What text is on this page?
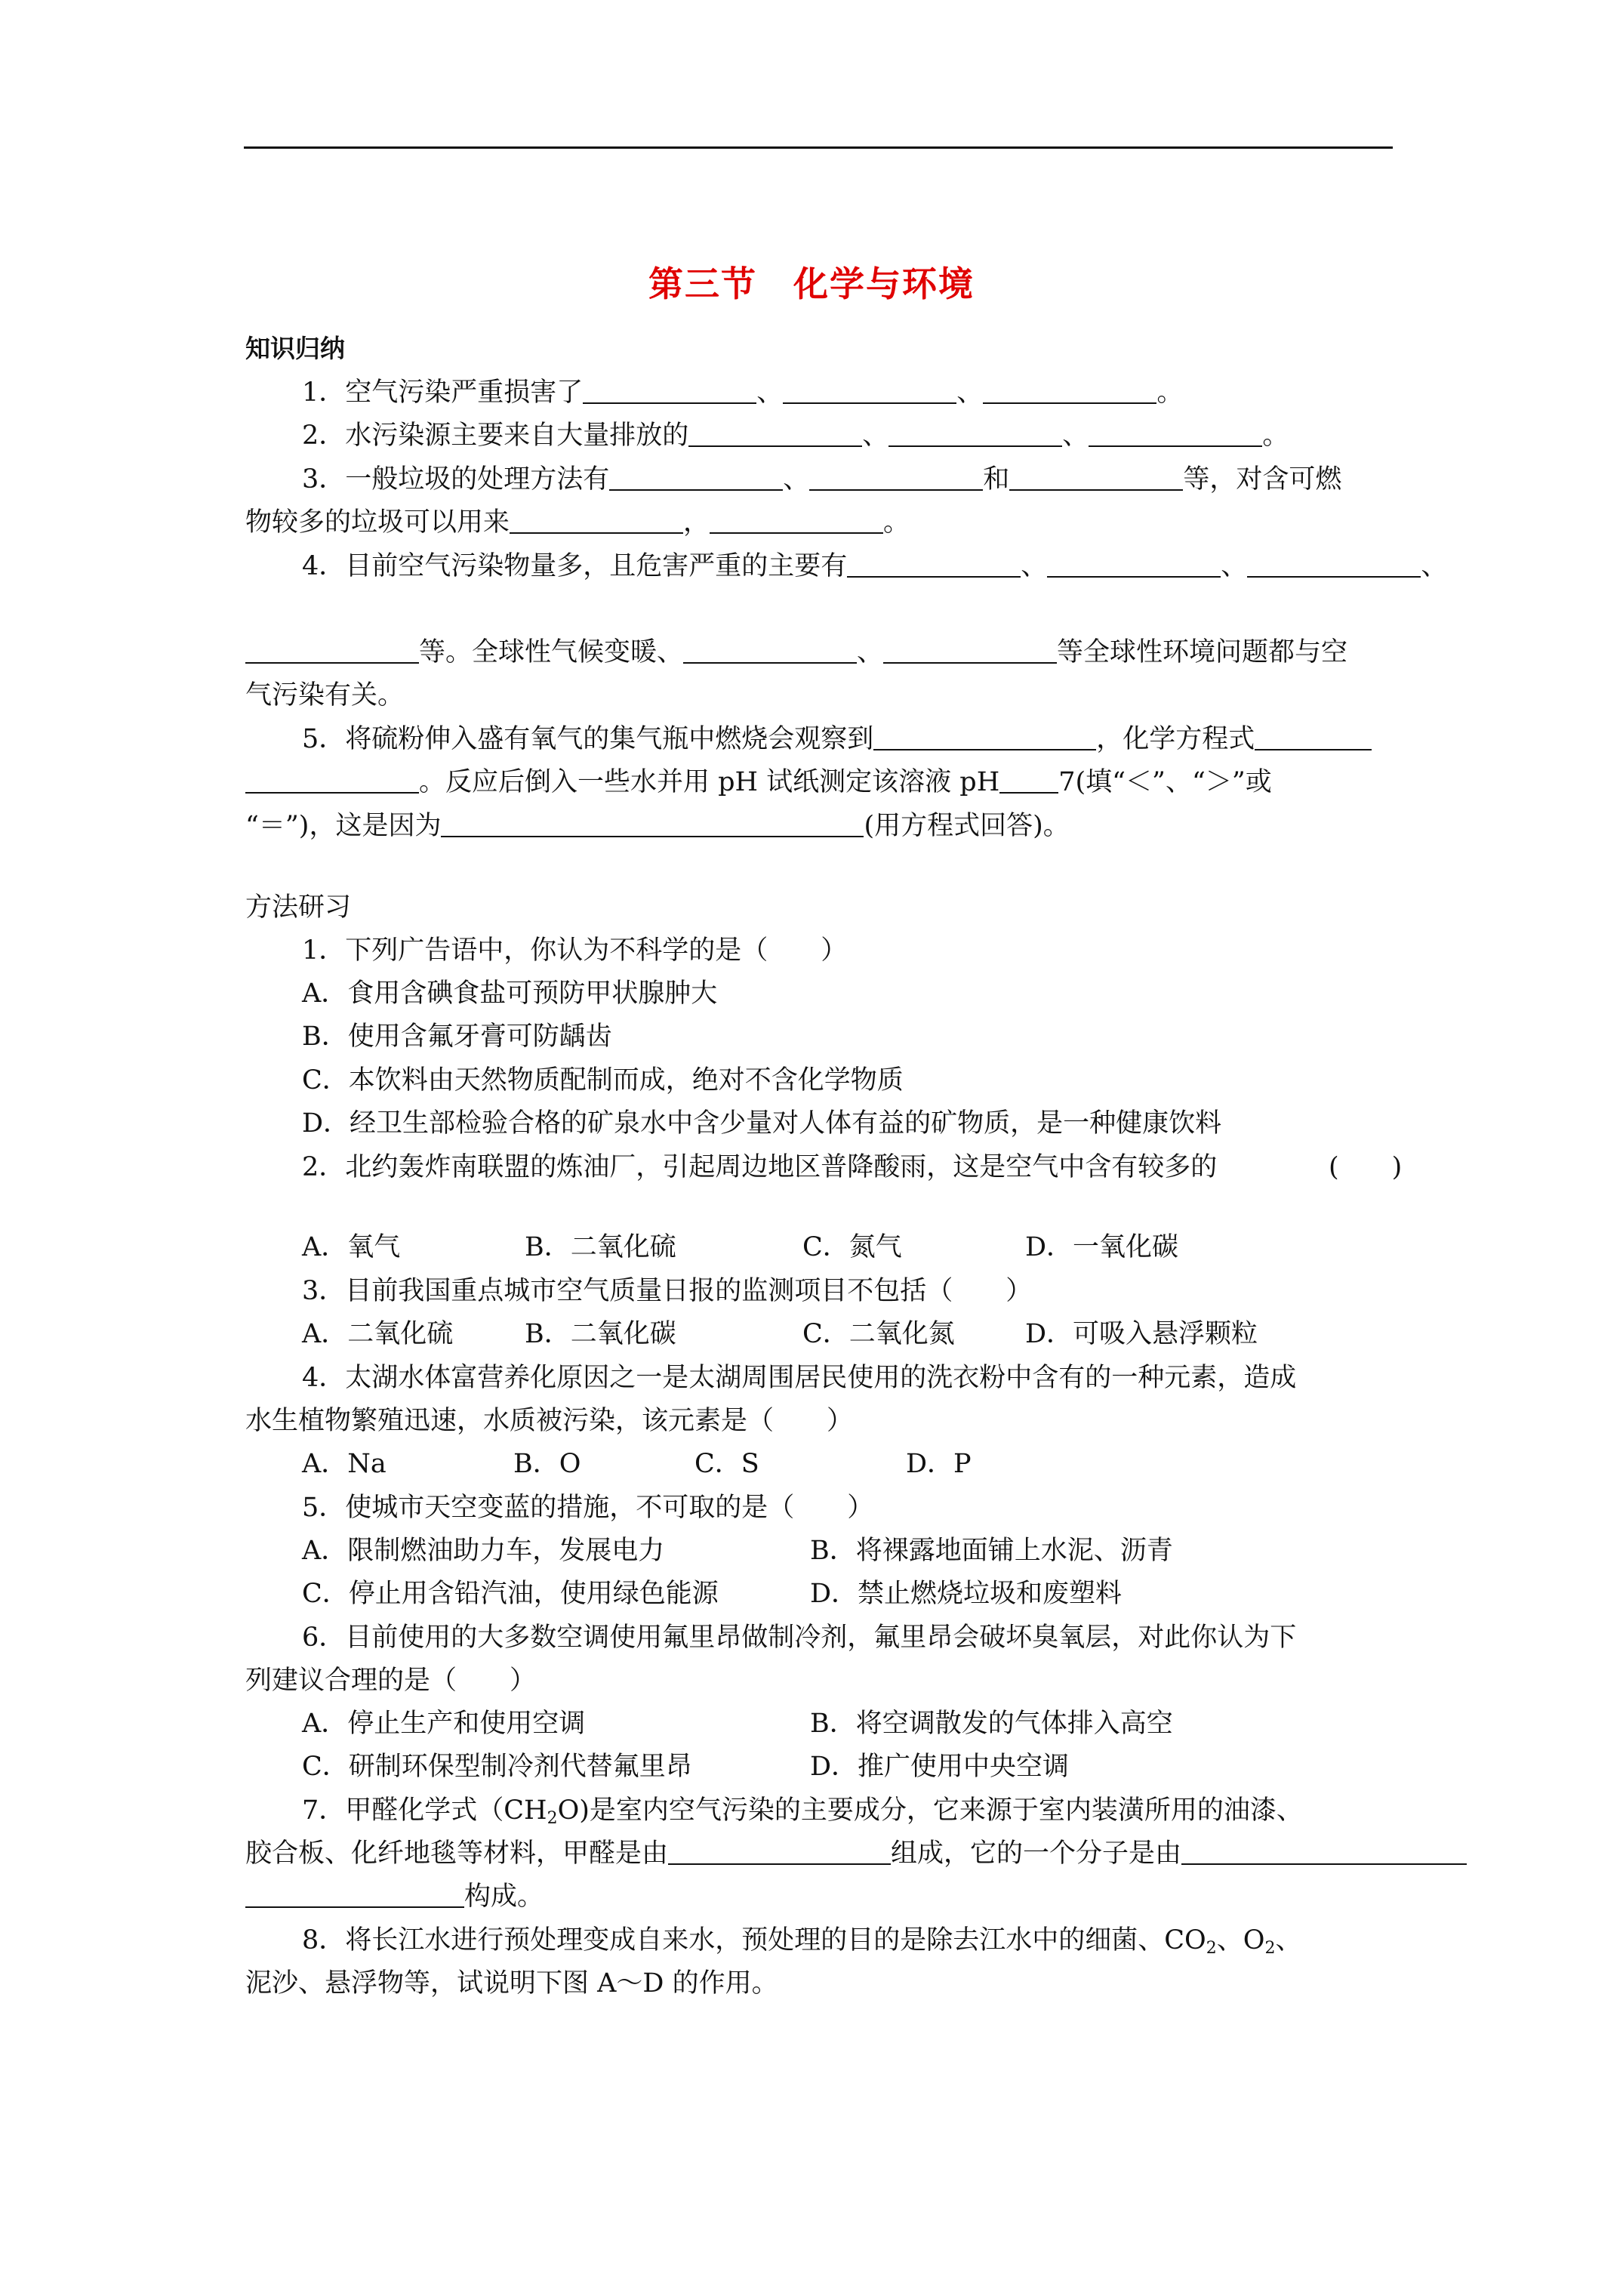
第三节　化学与环境
知识归纳
1．空气污染严重损害了	、	、	。
2．水污染源主要来自大量排放的	、	、	。
3．一般垃圾的处理方法有	、	和	等，对含可燃
物较多的垃圾可以用来	，	。
4．目前空气污染物量多，且危害严重的主要有	、	、	、
等。全球性气候变暖、	、	等全球性环境问题都与空
气污染有关。
5．将硫粉伸入盛有氧气的集气瓶中燃烧会观察到	，化学方程式
。反应后倒入一些水并用 pH 试纸测定该溶液 pH 7(填“＜”、“＞”或
“＝”)，这是因为	(用方程式回答)。
方法研习
1．下列广告语中，你认为不科学的是（　　）
A．食用含碘食盐可预防甲状腺肿大
B．使用含氟牙膏可防龋齿
C．本饮料由天然物质配制而成，绝对不含化学物质
D．经卫生部检验合格的矿泉水中含少量对人体有益的矿物质，是一种健康饮料
2．北约轰炸南联盟的炼油厂，引起周边地区普降酸雨，这是空气中含有较多的	(　　)
A．氧气	B．二氧化硫	C．氮气	D．一氧化碳
3．目前我国重点城市空气质量日报的监测项目不包括（　　）
A．二氧化硫	B．二氧化碳	C．二氧化氮	D．可吸入悬浮颗粒
4．太湖水体富营养化原因之一是太湖周围居民使用的洗衣粉中含有的一种元素，造成
水生植物繁殖迅速，水质被污染，该元素是（　　）
A．Na	B．O	C．S	D．P
5．使城市天空变蓝的措施，不可取的是（　　）
A．限制燃油助力车，发展电力	B．将裸露地面铺上水泥、沥青
C．停止用含铅汽油，使用绿色能源	D．禁止燃烧垃圾和废塑料
6．目前使用的大多数空调使用氟里昂做制冷剂，氟里昂会破坏臭氧层，对此你认为下
列建议合理的是（　　）
A．停止生产和使用空调	B．将空调散发的气体排入高空
C．研制环保型制冷剂代替氟里昂	D．推广使用中央空调
7．甲醛化学式$(CH_2O)$是室内空气污染的主要成分，它来源于室内装潢所用的油漆、
胶合板、化纤地毯等材料，甲醛是由	组成，它的一个分子是由
构成。
8．将长江水进行预处理变成自来水，预处理的目的是除去江水中的细菌、$CO_2$、$O_2$、
泥沙、悬浮物等，试说明下图 A～D 的作用。
